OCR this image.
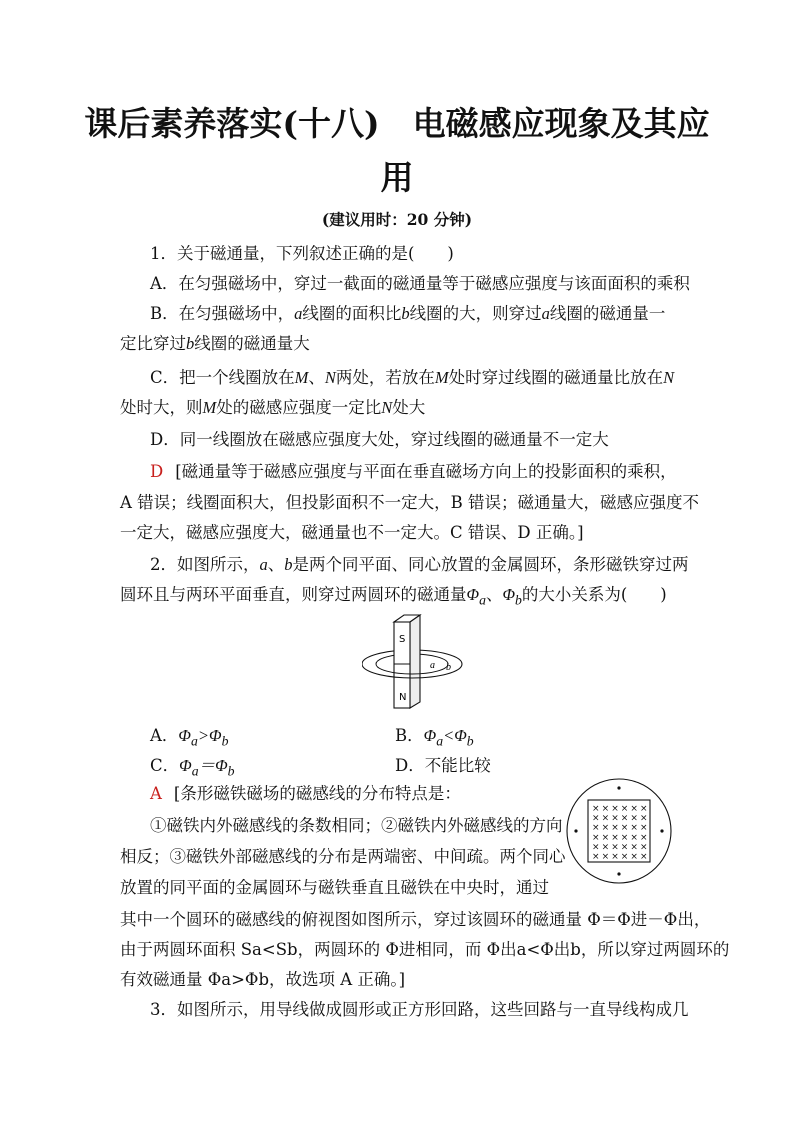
课后素养落实(十八)　电磁感应现象及其应
用
(建议用时：20 分钟)
1．关于磁通量，下列叙述正确的是(　　)
A．在匀强磁场中，穿过一截面的磁通量等于磁感应强度与该面面积的乘积
B．在匀强磁场中，a线圈的面积比b线圈的大，则穿过a线圈的磁通量一
定比穿过b线圈的磁通量大
C．把一个线圈放在M、N两处，若放在M处时穿过线圈的磁通量比放在N
处时大，则M处的磁感应强度一定比N处大
D．同一线圈放在磁感应强度大处，穿过线圈的磁通量不一定大
D [磁通量等于磁感应强度与平面在垂直磁场方向上的投影面积的乘积，
A 错误；线圈面积大，但投影面积不一定大，B 错误；磁通量大，磁感应强度不
一定大，磁感应强度大，磁通量也不一定大。C 错误、D 正确。]
2．如图所示，a、b是两个同平面、同心放置的金属圆环，条形磁铁穿过两
圆环且与两环平面垂直，则穿过两圆环的磁通量$\Phi_a$、$\Phi_b$的大小关系为(　　)
S
N
a b
A．$\Phi_a>\Phi_b$	B．$\Phi_a<\Phi_b$
C．$\Phi_a=\Phi_b$	D．不能比较
A [条形磁铁磁场的磁感线的分布特点是：
①磁铁内外磁感线的条数相同；②磁铁内外磁感线的方向
相反；③磁铁外部磁感线的分布是两端密、中间疏。两个同心
放置的同平面的金属圆环与磁铁垂直且磁铁在中央时，通过
其中一个圆环的磁感线的俯视图如图所示，穿过该圆环的磁通量 Φ＝Φ进－Φ出，
由于两圆环面积 Sa<Sb，两圆环的 Φ进相同，而 Φ出a<Φ出b，所以穿过两圆环的
有效磁通量 Φa>Φb，故选项 A 正确。]
× × × × × ×
× × × × × ×
× × × × × ×
× × × × × ×
× × × × × ×
× × × × × ×
3．如图所示，用导线做成圆形或正方形回路，这些回路与一直导线构成几
